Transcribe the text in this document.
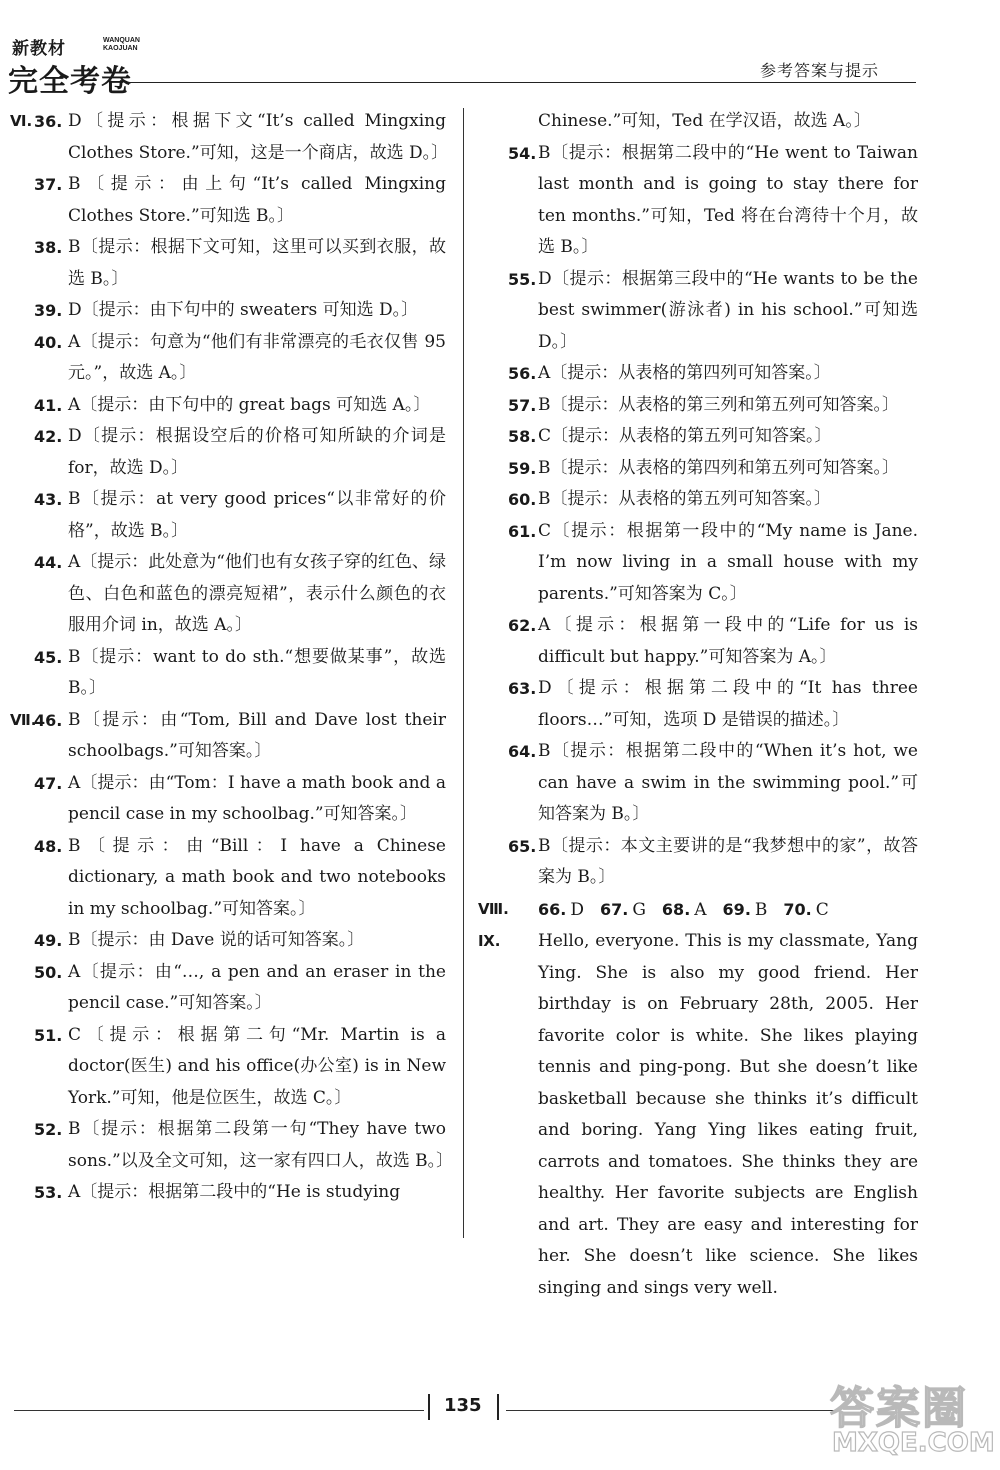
新教材	WANQUAN
KAOJUAN
完全考卷	参考答案与提示
Ⅵ. 36. D〔提示：根据下文“It’s called Mingxing Clothes Store.”可知，这是一个商店，故选 D。〕
37. B〔提示：由上句“It’s called Mingxing Clothes Store.”可知选 B。〕
38. B〔提示：根据下文可知，这里可以买到衣服，故选 B。〕
39. D〔提示：由下句中的 sweaters 可知选 D。〕
40. A〔提示：句意为“他们有非常漂亮的毛衣仅售 95 元。”，故选 A。〕
41. A〔提示：由下句中的 great bags 可知选 A。〕
42. D〔提示：根据设空后的价格可知所缺的介词是 for，故选 D。〕
43. B〔提示：at very good prices“以非常好的价格”，故选 B。〕
44. A〔提示：此处意为“他们也有女孩子穿的红色、绿色、白色和蓝色的漂亮短裙”，表示什么颜色的衣服用介词 in，故选 A。〕
45. B〔提示：want to do sth.“想要做某事”，故选 B。〕
Ⅶ.
46. B〔提示：由“Tom, Bill and Dave lost their schoolbags.”可知答案。〕
47. A〔提示：由“Tom：I have a math book and a pencil case in my schoolbag.”可知答案。〕
48. B〔提示：由“Bill：I have a Chinese dictionary, a math book and two notebooks in my schoolbag.”可知答案。〕
49. B〔提示：由 Dave 说的话可知答案。〕
50. A〔提示：由“…, a pen and an eraser in the pencil case.”可知答案。〕
51. C〔提示：根据第二句“Mr. Martin is a doctor(医生) and his office(办公室) is in New York.”可知，他是位医生，故选 C。〕
52. B〔提示：根据第二段第一句“They have two sons.”以及全文可知，这一家有四口人，故选 B。〕
53. A〔提示：根据第二段中的“He is studying
Chinese.”可知，Ted 在学汉语，故选 A。〕
54. B〔提示：根据第二段中的“He went to Taiwan last month and is going to stay there for ten months.”可知，Ted 将在台湾待十个月，故选 B。〕
55. D〔提示：根据第三段中的“He wants to be the best swimmer(游泳者) in his school.”可知选 D。〕
56. A〔提示：从表格的第四列可知答案。〕
57. B〔提示：从表格的第三列和第五列可知答案。〕
58. C〔提示：从表格的第五列可知答案。〕
59. B〔提示：从表格的第四列和第五列可知答案。〕
60. B〔提示：从表格的第五列可知答案。〕
61. C〔提示：根据第一段中的“My name is Jane. I’m now living in a small house with my parents.”可知答案为 C。〕
62. A〔提示：根据第一段中的“Life for us is difficult but happy.”可知答案为 A。〕
63. D〔提示：根据第二段中的“It has three floors…”可知，选项 D 是错误的描述。〕
64. B〔提示：根据第二段中的“When it’s hot, we can have a swim in the swimming pool.”可知答案为 B。〕
65. B〔提示：本文主要讲的是“我梦想中的家”，故答案为 B。〕
Ⅷ. 66. D 67. G 68. A 69. B 70. C
Ⅸ. Hello, everyone. This is my classmate, Yang Ying. She is also my good friend. Her birthday is on February 28th, 2005. Her favorite color is white. She likes playing tennis and ping-pong. But she doesn’t like basketball because she thinks it’s difficult and boring. Yang Ying likes eating fruit, carrots and tomatoes. She thinks they are healthy. Her favorite subjects are English and art. They are easy and interesting for her. She doesn’t like science. She likes singing and sings very well.
135	答案圈
MXQE.COM
